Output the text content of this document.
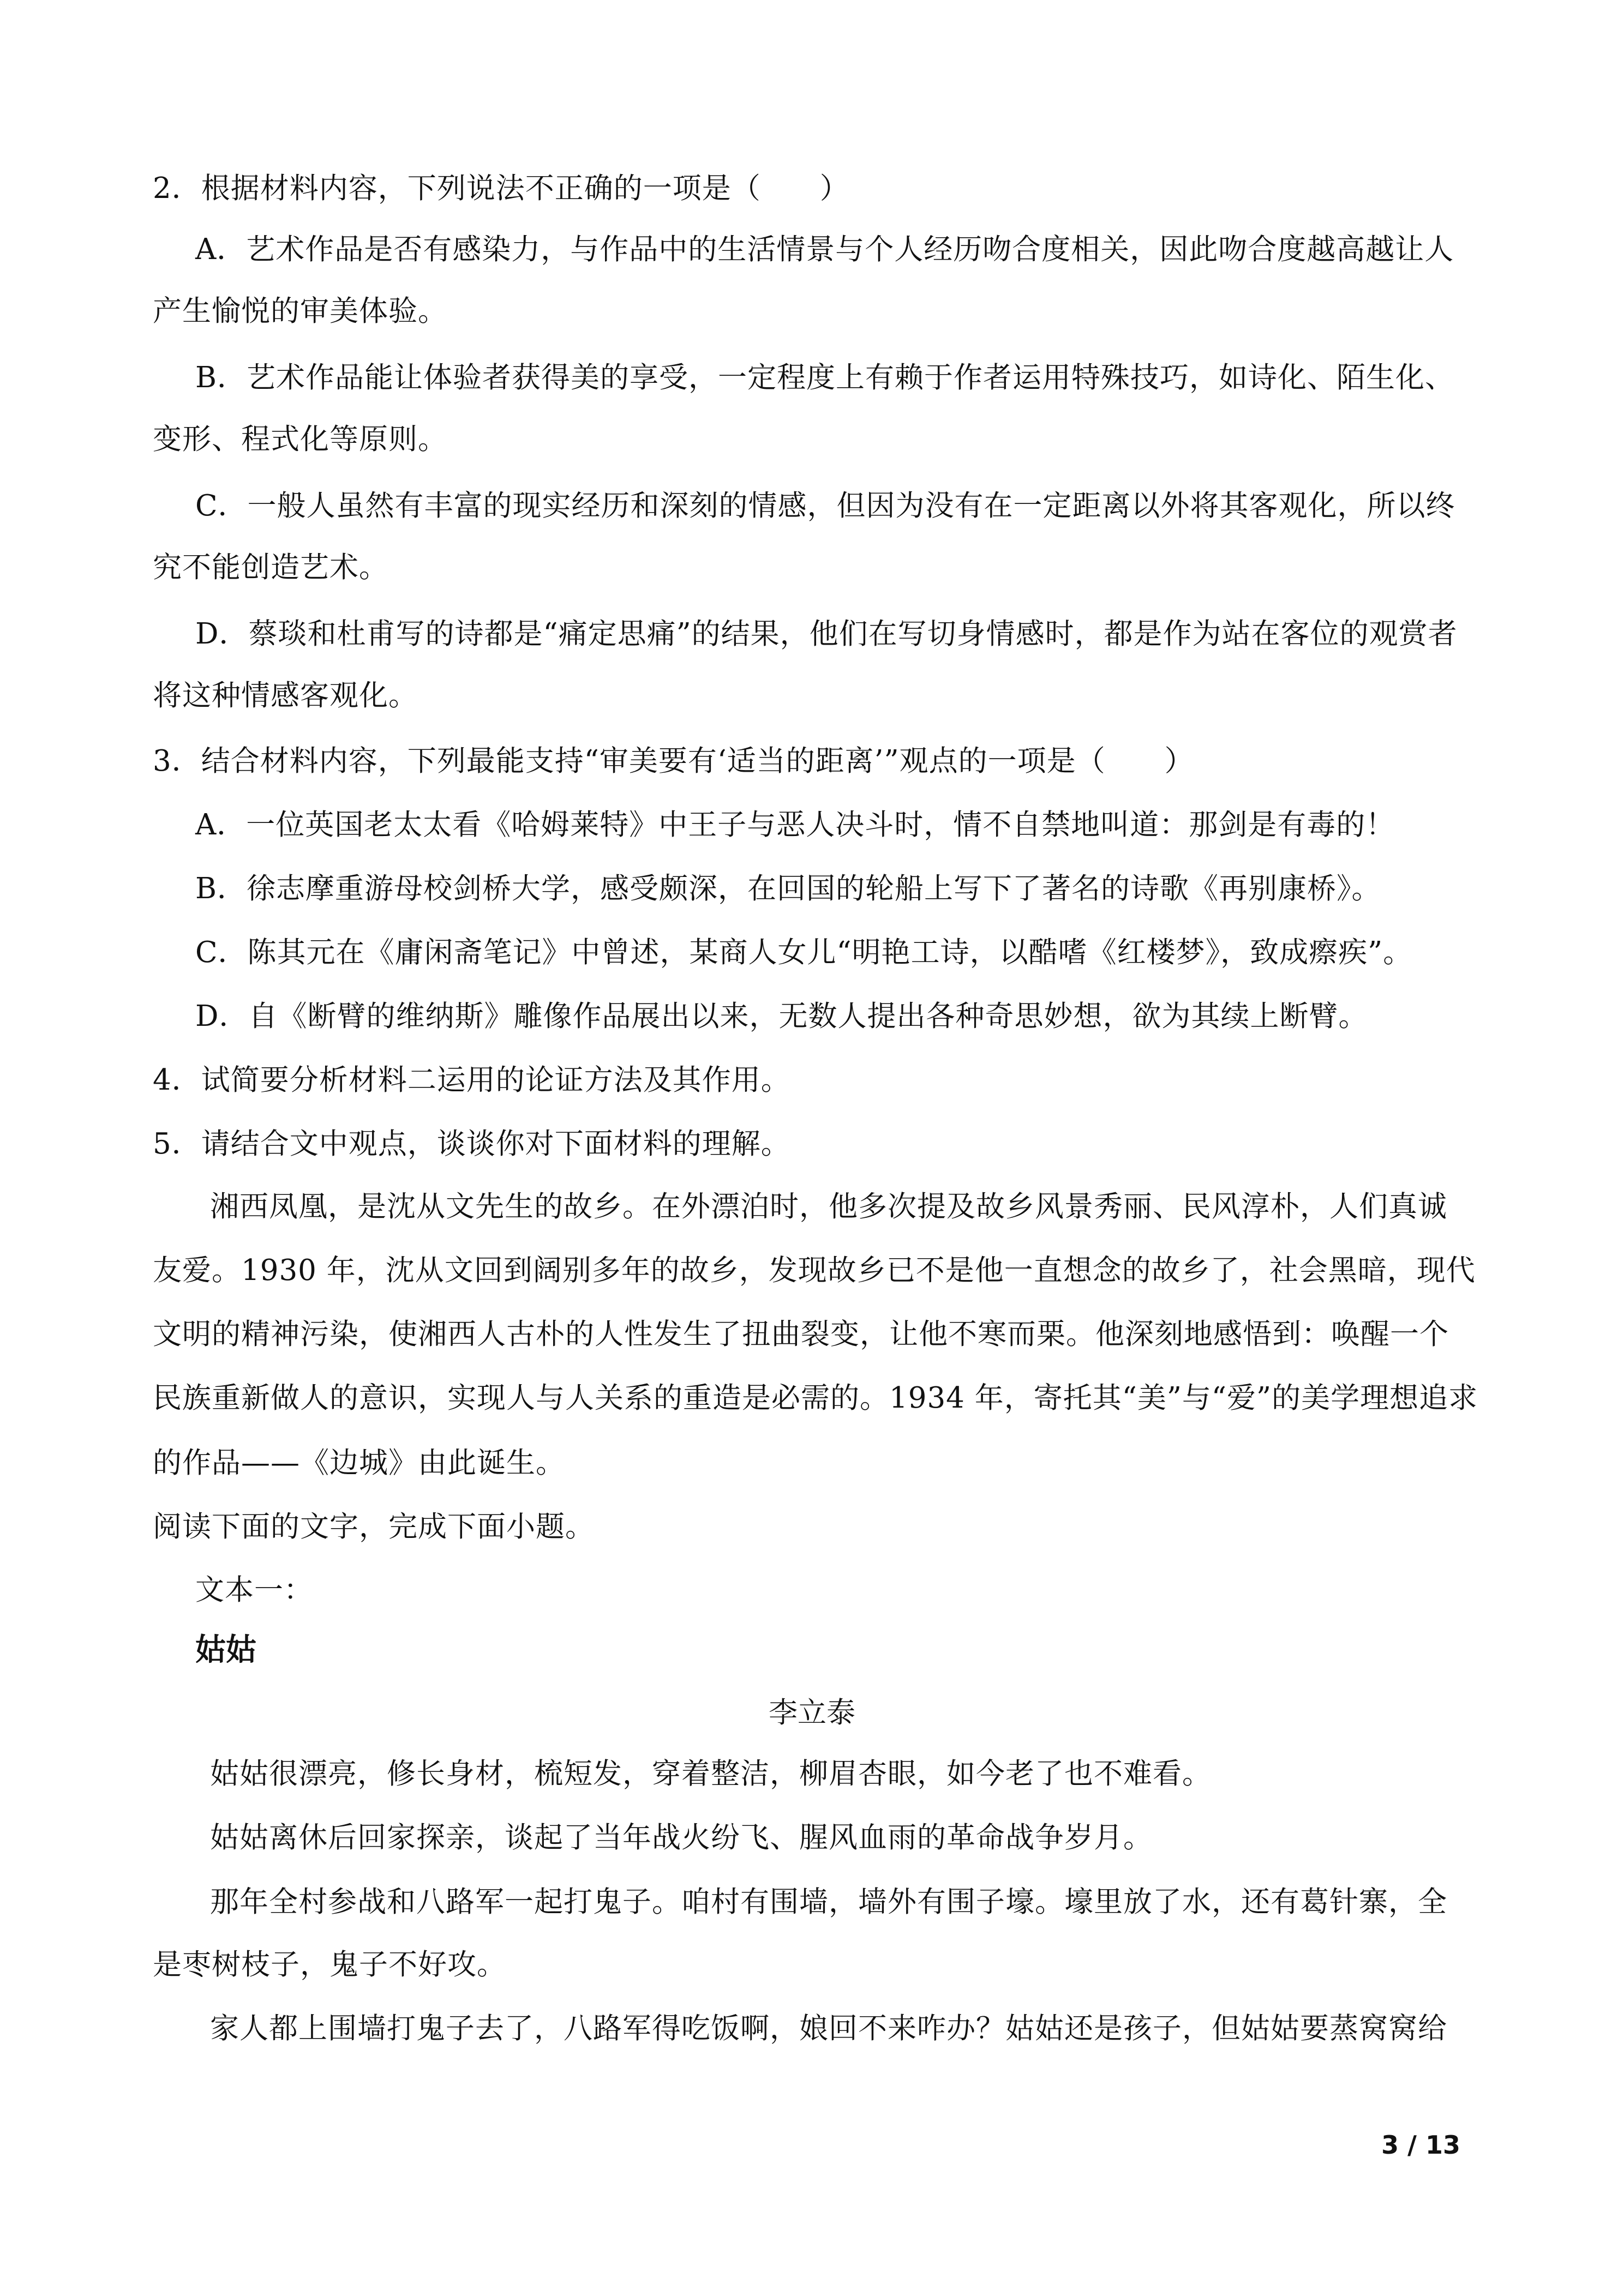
2．根据材料内容，下列说法不正确的一项是（　　）
A．艺术作品是否有感染力，与作品中的生活情景与个人经历吻合度相关，因此吻合度越高越让人
产生愉悦的审美体验。
B．艺术作品能让体验者获得美的享受，一定程度上有赖于作者运用特殊技巧，如诗化、陌生化、
变形、程式化等原则。
C．一般人虽然有丰富的现实经历和深刻的情感，但因为没有在一定距离以外将其客观化，所以终
究不能创造艺术。
D．蔡琰和杜甫写的诗都是“痛定思痛”的结果，他们在写切身情感时，都是作为站在客位的观赏者
将这种情感客观化。
3．结合材料内容，下列最能支持“审美要有‘适当的距离’”观点的一项是（　　）
A．一位英国老太太看《哈姆莱特》中王子与恶人决斗时，情不自禁地叫道：那剑是有毒的！
B．徐志摩重游母校剑桥大学，感受颇深，在回国的轮船上写下了著名的诗歌《再别康桥》。
C．陈其元在《庸闲斋笔记》中曾述，某商人女儿“明艳工诗，以酷嗜《红楼梦》，致成瘵疾”。
D．自《断臂的维纳斯》雕像作品展出以来，无数人提出各种奇思妙想，欲为其续上断臂。
4．试简要分析材料二运用的论证方法及其作用。
5．请结合文中观点，谈谈你对下面材料的理解。
湘西凤凰，是沈从文先生的故乡。在外漂泊时，他多次提及故乡风景秀丽、民风淳朴，人们真诚
友爱。1930 年，沈从文回到阔别多年的故乡，发现故乡已不是他一直想念的故乡了，社会黑暗，现代
文明的精神污染，使湘西人古朴的人性发生了扭曲裂变，让他不寒而栗。他深刻地感悟到：唤醒一个
民族重新做人的意识，实现人与人关系的重造是必需的。1934 年，寄托其“美”与“爱”的美学理想追求
的作品——《边城》由此诞生。
阅读下面的文字，完成下面小题。
文本一：
姑姑
李立泰
姑姑很漂亮，修长身材，梳短发，穿着整洁，柳眉杏眼，如今老了也不难看。
姑姑离休后回家探亲，谈起了当年战火纷飞、腥风血雨的革命战争岁月。
那年全村参战和八路军一起打鬼子。咱村有围墙，墙外有围子壕。壕里放了水，还有葛针寨，全
是枣树枝子，鬼子不好攻。
家人都上围墙打鬼子去了，八路军得吃饭啊，娘回不来咋办？姑姑还是孩子，但姑姑要蒸窝窝给
3 / 13
